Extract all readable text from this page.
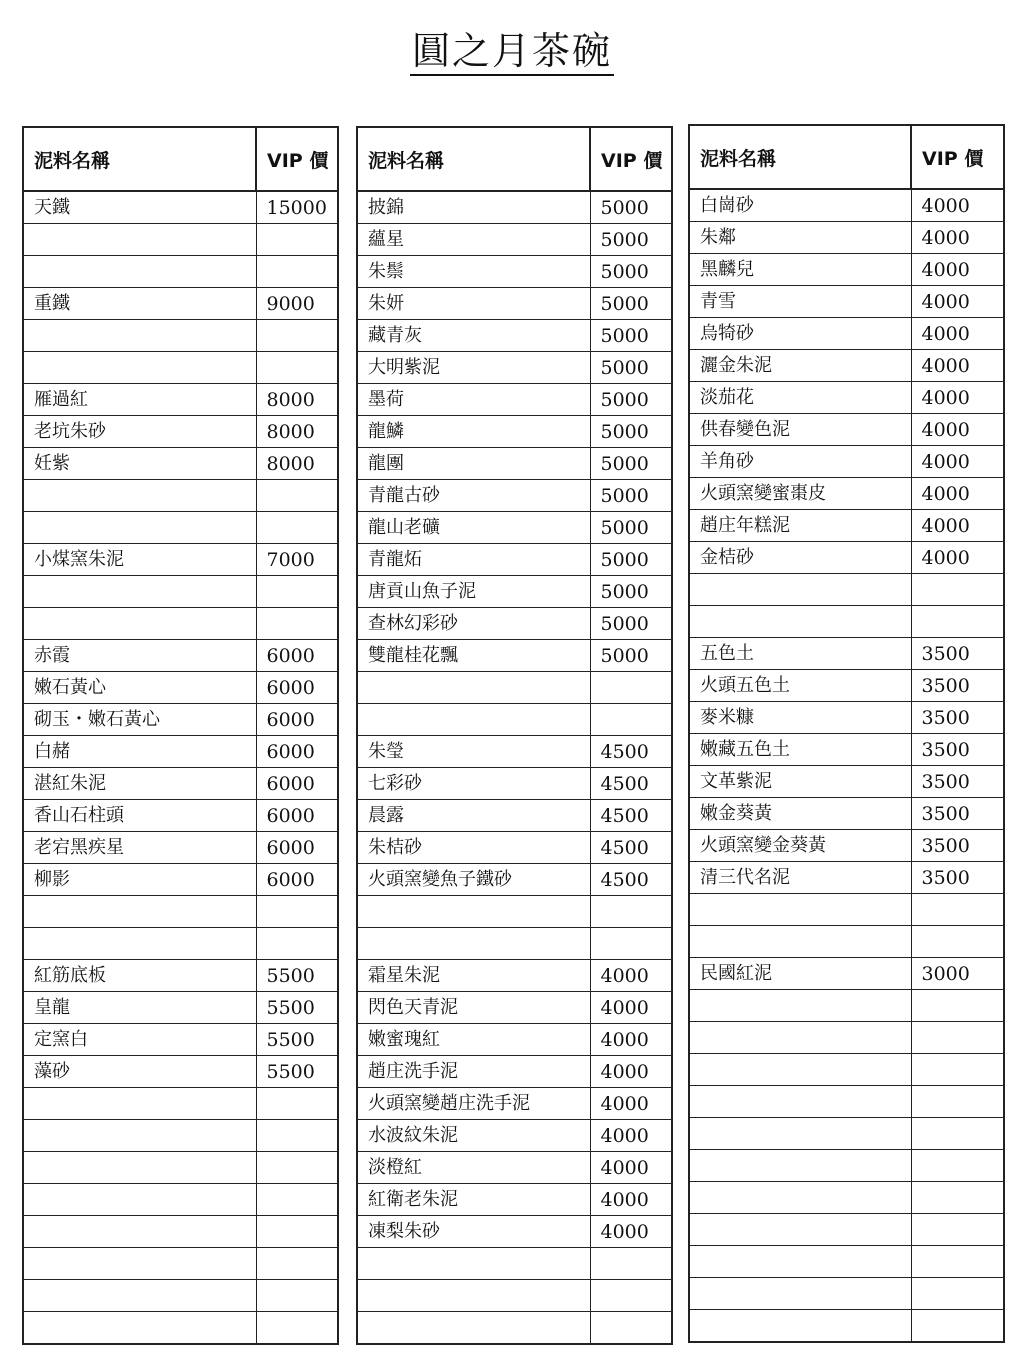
圓之月茶碗
泥料名稱	VIP 價
天鐵	15000

重鐵	9000

雁過紅	8000
老坑朱砂	8000
妊紫	8000

小煤窯朱泥	7000

赤霞	6000
嫩石黃心	6000
砌玉・嫩石黃心	6000
白赭	6000
湛紅朱泥	6000
香山石柱頭	6000
老宕黑疾星	6000
柳影	6000

紅筋底板	5500
皇龍	5500
定窯白	5500
藻砂	5500

泥料名稱	VIP 價
披錦	5000
蘊星	5000
朱鬃	5000
朱妍	5000
藏青灰	5000
大明紫泥	5000
墨荷	5000
龍鱗	5000
龍團	5000
青龍古砂	5000
龍山老礦	5000
青龍炻	5000
唐貢山魚子泥	5000
查林幻彩砂	5000
雙龍桂花飄	5000

朱瑩	4500
七彩砂	4500
晨露	4500
朱桔砂	4500
火頭窯變魚子鐵砂	4500

霜星朱泥	4000
閃色天青泥	4000
嫩蜜瑰紅	4000
趙庄洗手泥	4000
火頭窯變趙庄洗手泥	4000
水波紋朱泥	4000
淡橙紅	4000
紅衛老朱泥	4000
凍梨朱砂	4000

泥料名稱	VIP 價
白崗砂	4000
朱鄰	4000
黑麟兒	4000
青雪	4000
烏犄砂	4000
灑金朱泥	4000
淡茄花	4000
供春變色泥	4000
羊角砂	4000
火頭窯變蜜棗皮	4000
趙庄年糕泥	4000
金桔砂	4000

五色土	3500
火頭五色土	3500
麥米糠	3500
嫩藏五色土	3500
文革紫泥	3500
嫩金葵黃	3500
火頭窯變金葵黃	3500
清三代名泥	3500

民國紅泥	3000
